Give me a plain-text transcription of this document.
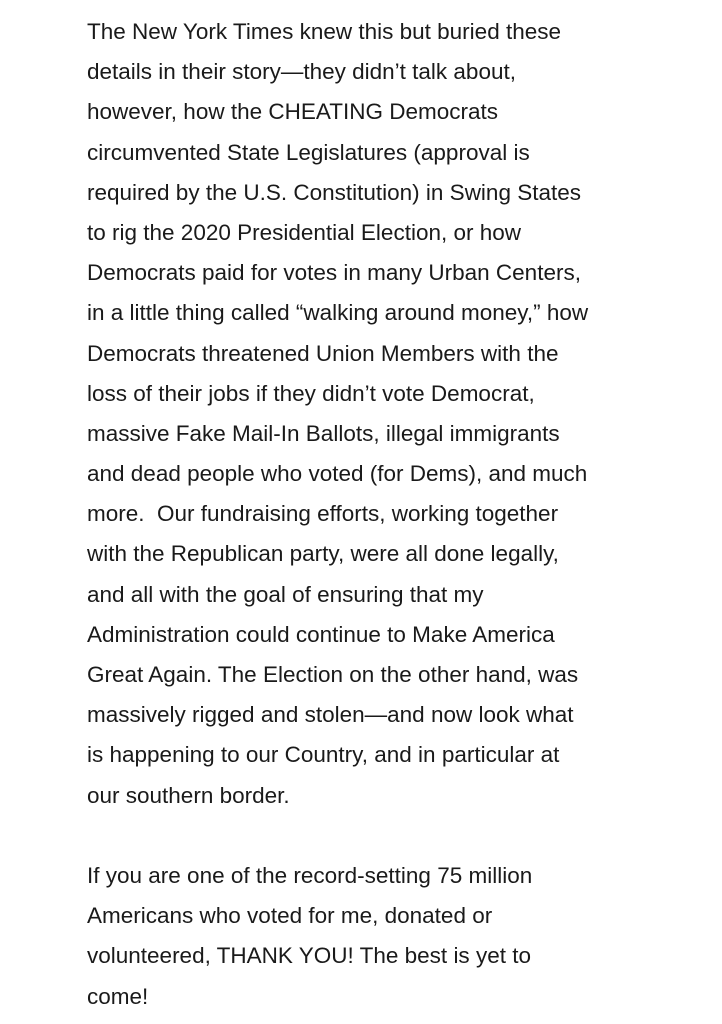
The New York Times knew this but buried these
details in their story—they didn’t talk about,
however, how the CHEATING Democrats
circumvented State Legislatures (approval is
required by the U.S. Constitution) in Swing States
to rig the 2020 Presidential Election, or how
Democrats paid for votes in many Urban Centers,
in a little thing called “walking around money,” how
Democrats threatened Union Members with the
loss of their jobs if they didn’t vote Democrat,
massive Fake Mail-In Ballots, illegal immigrants
and dead people who voted (for Dems), and much
more.  Our fundraising efforts, working together
with the Republican party, were all done legally,
and all with the goal of ensuring that my
Administration could continue to Make America
Great Again. The Election on the other hand, was
massively rigged and stolen—and now look what
is happening to our Country, and in particular at
our southern border.
If you are one of the record-setting 75 million
Americans who voted for me, donated or
volunteered, THANK YOU! The best is yet to
come!
